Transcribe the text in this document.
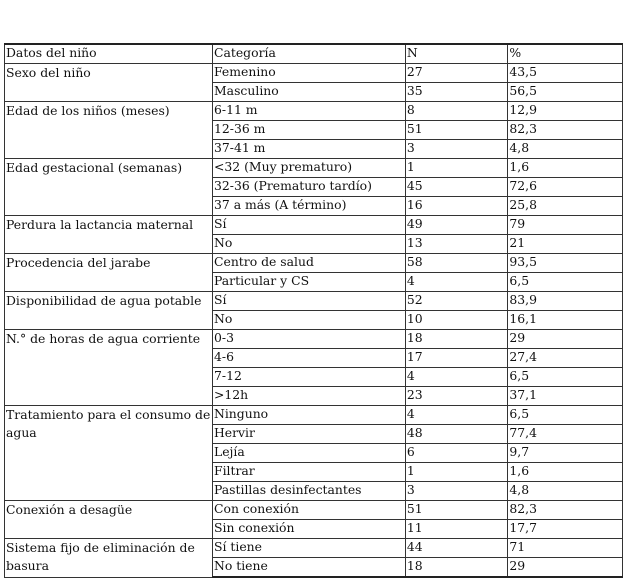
Datos del niño	Categoría	N	%
Sexo del niño	Femenino	27	43,5
	Masculino	35	56,5
Edad de los niños (meses)	6-11 m	8	12,9
	12-36 m	51	82,3
	37-41 m	3	4,8
Edad gestacional (semanas)	<32 (Muy prematuro)	1	1,6
	32-36 (Prematuro tardío)	45	72,6
	37 a más (A término)	16	25,8
Perdura la lactancia maternal	Sí	49	79
	No	13	21
Procedencia del jarabe	Centro de salud	58	93,5
	Particular y CS	4	6,5
Disponibilidad de agua potable	Sí	52	83,9
	No	10	16,1
N.° de horas de agua corriente	0-3	18	29
	4-6	17	27,4
	7-12	4	6,5
	>12h	23	37,1
Tratamiento para el consumo de agua	Ninguno	4	6,5
	Hervir	48	77,4
	Lejía	6	9,7
	Filtrar	1	1,6
	Pastillas desinfectantes	3	4,8
Conexión a desagüe	Con conexión	51	82,3
	Sin conexión	11	17,7
Sistema fijo de eliminación de basura	Sí tiene	44	71
	No tiene	18	29
